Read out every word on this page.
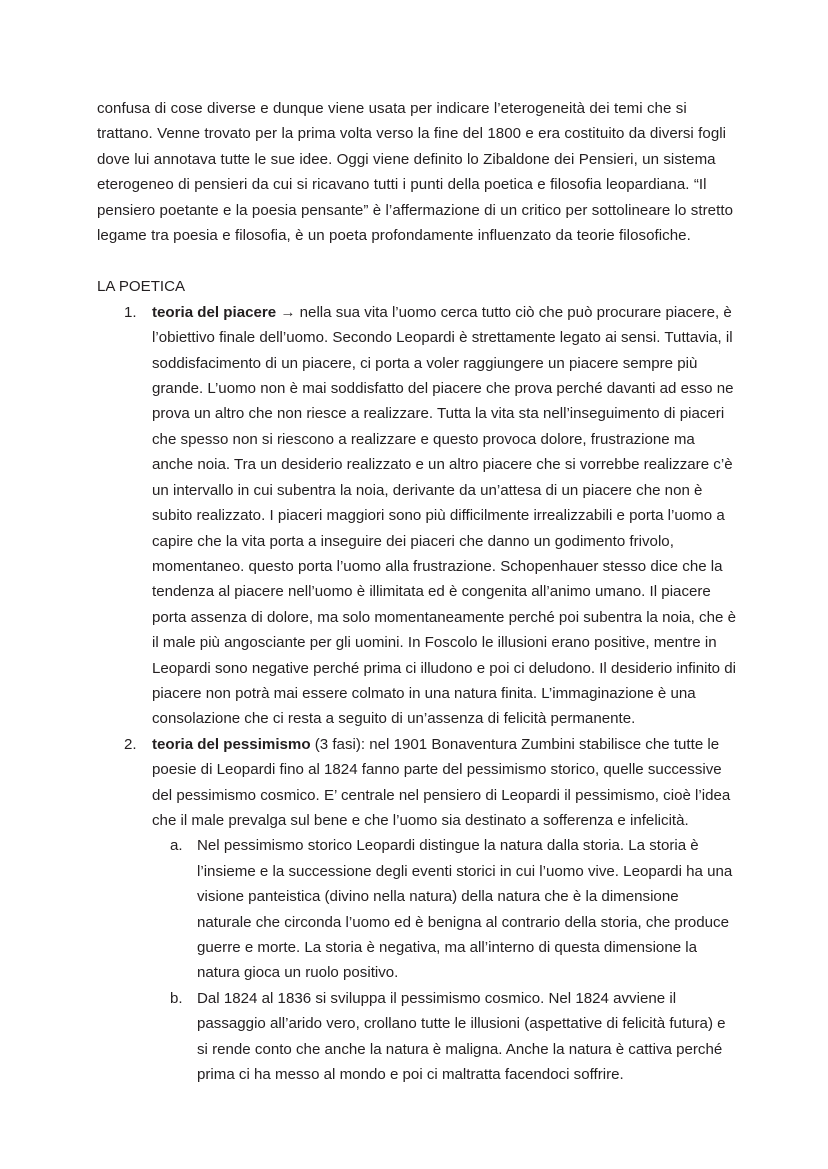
confusa di cose diverse e dunque viene usata per indicare l’eterogeneità dei temi che si trattano. Venne trovato per la prima volta verso la fine del 1800 e era costituito da diversi fogli dove lui annotava tutte le sue idee. Oggi viene definito lo Zibaldone dei Pensieri, un sistema eterogeneo di pensieri da cui si ricavano tutti i punti della poetica e filosofia leopardiana. “Il pensiero poetante e la poesia pensante” è l’affermazione di un critico per sottolineare lo stretto legame tra poesia e filosofia, è un poeta profondamente influenzato da teorie filosofiche.

LA POETICA

1.	teoria del piacere → nella sua vita l’uomo cerca tutto ciò che può procurare piacere, è l’obiettivo finale dell’uomo. Secondo Leopardi è strettamente legato ai sensi. Tuttavia, il soddisfacimento di un piacere, ci porta a voler raggiungere un piacere sempre più grande. L’uomo non è mai soddisfatto del piacere che prova perché davanti ad esso ne prova un altro che non riesce a realizzare. Tutta la vita sta nell’inseguimento di piaceri che spesso non si riescono a realizzare e questo provoca dolore, frustrazione ma anche noia. Tra un desiderio realizzato e un altro piacere che si vorrebbe realizzare c’è un intervallo in cui subentra la noia, derivante da un’attesa di un piacere che non è subito realizzato. I piaceri maggiori sono più difficilmente irrealizzabili e porta l’uomo a capire che la vita porta a inseguire dei piaceri che danno un godimento frivolo, momentaneo. questo porta l’uomo alla frustrazione. Schopenhauer stesso dice che la tendenza al piacere nell’uomo è illimitata ed è congenita all’animo umano. Il piacere porta assenza di dolore, ma solo momentaneamente perché poi subentra la noia, che è il male più angosciante per gli uomini. In Foscolo le illusioni erano positive, mentre in Leopardi sono negative perché prima ci illudono e poi ci deludono. Il desiderio infinito di piacere non potrà mai essere colmato in una natura finita. L’immaginazione è una consolazione che ci resta a seguito di un’assenza di felicità permanente.
2.	teoria del pessimismo (3 fasi): nel 1901 Bonaventura Zumbini stabilisce che tutte le poesie di Leopardi fino al 1824 fanno parte del pessimismo storico, quelle successive del pessimismo cosmico. E’ centrale nel pensiero di Leopardi il pessimismo, cioè l’idea che il male prevalga sul bene e che l’uomo sia destinato a sofferenza e infelicità.
a. Nel pessimismo storico Leopardi distingue la natura dalla storia. La storia è l’insieme e la successione degli eventi storici in cui l’uomo vive. Leopardi ha una visione panteistica (divino nella natura) della natura che è la dimensione naturale che circonda l’uomo ed è benigna al contrario della storia, che produce guerre e morte. La storia è negativa, ma all’interno di questa dimensione la natura gioca un ruolo positivo.
b. Dal 1824 al 1836 si sviluppa il pessimismo cosmico. Nel 1824 avviene il passaggio all’arido vero, crollano tutte le illusioni (aspettative di felicità futura) e si rende conto che anche la natura è maligna. Anche la natura è cattiva perché prima ci ha messo al mondo e poi ci maltratta facendoci soffrire.
